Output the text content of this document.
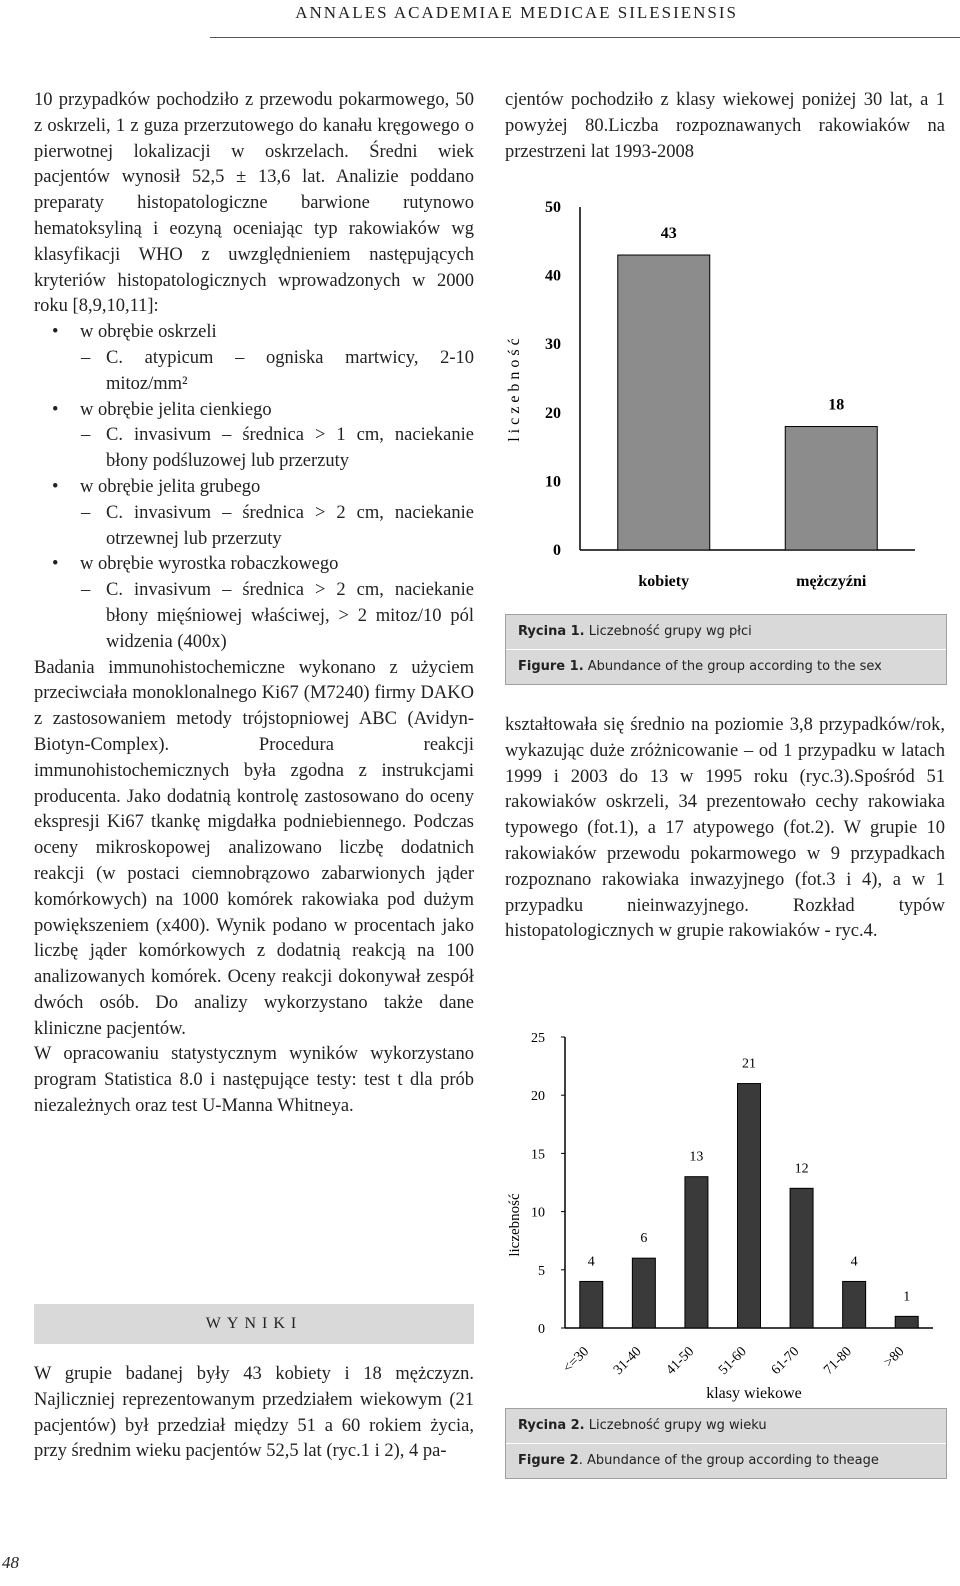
ANNALES ACADEMIAE MEDICAE SILESIENSIS

10 przypadków pochodziło z przewodu pokarmowego, 50 z oskrzeli, 1 z guza przerzutowego do kanału kręgowego o pierwotnej lokalizacji w oskrzelach. Średni wiek pacjentów wynosił 52,5 ± 13,6 lat. Analizie poddano preparaty histopatologiczne barwione rutynowo hematoksyliną i eozyną oceniając typ rakowiaków wg klasyfikacji WHO z uwzględnieniem następujących kryteriów histopatologicznych wprowadzonych w 2000 roku [8,9,10,11]:

• w obrębie oskrzeli

– C. atypicum – ogniska martwicy, 2-10 mitoz/mm²

• w obrębie jelita cienkiego

– C. invasivum – średnica > 1 cm, naciekanie błony podśluzowej lub przerzuty

• w obrębie jelita grubego

– C. invasivum – średnica > 2 cm, naciekanie otrzewnej lub przerzuty

• w obrębie wyrostka robaczkowego

– C. invasivum – średnica > 2 cm, naciekanie błony mięśniowej właściwej, > 2 mitoz/10 pól widzenia (400x)

Badania immunohistochemiczne wykonano z użyciem przeciwciała monoklonalnego Ki67 (M7240) firmy DAKO z zastosowaniem metody trójstopniowej ABC (Avidyn-Biotyn-Complex). Procedura reakcji immunohistochemicznych była zgodna z instrukcjami producenta. Jako dodatnią kontrolę zastosowano do oceny ekspresji Ki67 tkankę migdałka podniebiennego. Podczas oceny mikroskopowej analizowano liczbę dodatnich reakcji (w postaci ciemnobrązowo zabarwionych jąder komórkowych) na 1000 komórek rakowiaka pod dużym powiększeniem (x400). Wynik podano w procentach jako liczbę jąder komórkowych z dodatnią reakcją na 100 analizowanych komórek. Oceny reakcji dokonywał zespół dwóch osób. Do analizy wykorzystano także dane kliniczne pacjentów.

W opracowaniu statystycznym wyników wykorzystano program Statistica 8.0 i następujące testy: test t dla prób niezależnych oraz test U-Manna Whitneya.

WYNIKI

W grupie badanej były 43 kobiety i 18 mężczyzn. Najliczniej reprezentowanym przedziałem wiekowym (21 pacjentów) był przedział między 51 a 60 rokiem życia, przy średnim wieku pacjentów 52,5 lat (ryc.1 i 2), 4 pa-

cjentów pochodziło z klasy wiekowej poniżej 30 lat, a 1 powyżej 80.Liczba rozpoznawanych rakowiaków na przestrzeni lat 1993-2008

0
10
20
30
40
50
liczebność
43
kobiety
18
mężczyźni
Rycina 1. Liczebność grupy wg płci
Figure 1. Abundance of the group according to the sex

kształtowała się średnio na poziomie 3,8 przypadków/rok, wykazując duże zróżnicowanie – od 1 przypadku w latach 1999 i 2003 do 13 w 1995 roku (ryc.3).Spośród 51 rakowiaków oskrzeli, 34 prezentowało cechy rakowiaka typowego (fot.1), a 17 atypowego (fot.2). W grupie 10 rakowiaków przewodu pokarmowego w 9 przypadkach rozpoznano rakowiaka inwazyjnego (fot.3 i 4), a w 1 przypadku nieinwazyjnego. Rozkład typów histopatologicznych w grupie rakowiaków - ryc.4.

0
5
10
15
20
25
liczebność
4
<=30
6
31-40
13
41-50
21
51-60
12
61-70
4
71-80
1
>80
klasy wiekowe
Rycina 2. Liczebność grupy wg wieku
Figure 2. Abundance of the group according to theage
48
